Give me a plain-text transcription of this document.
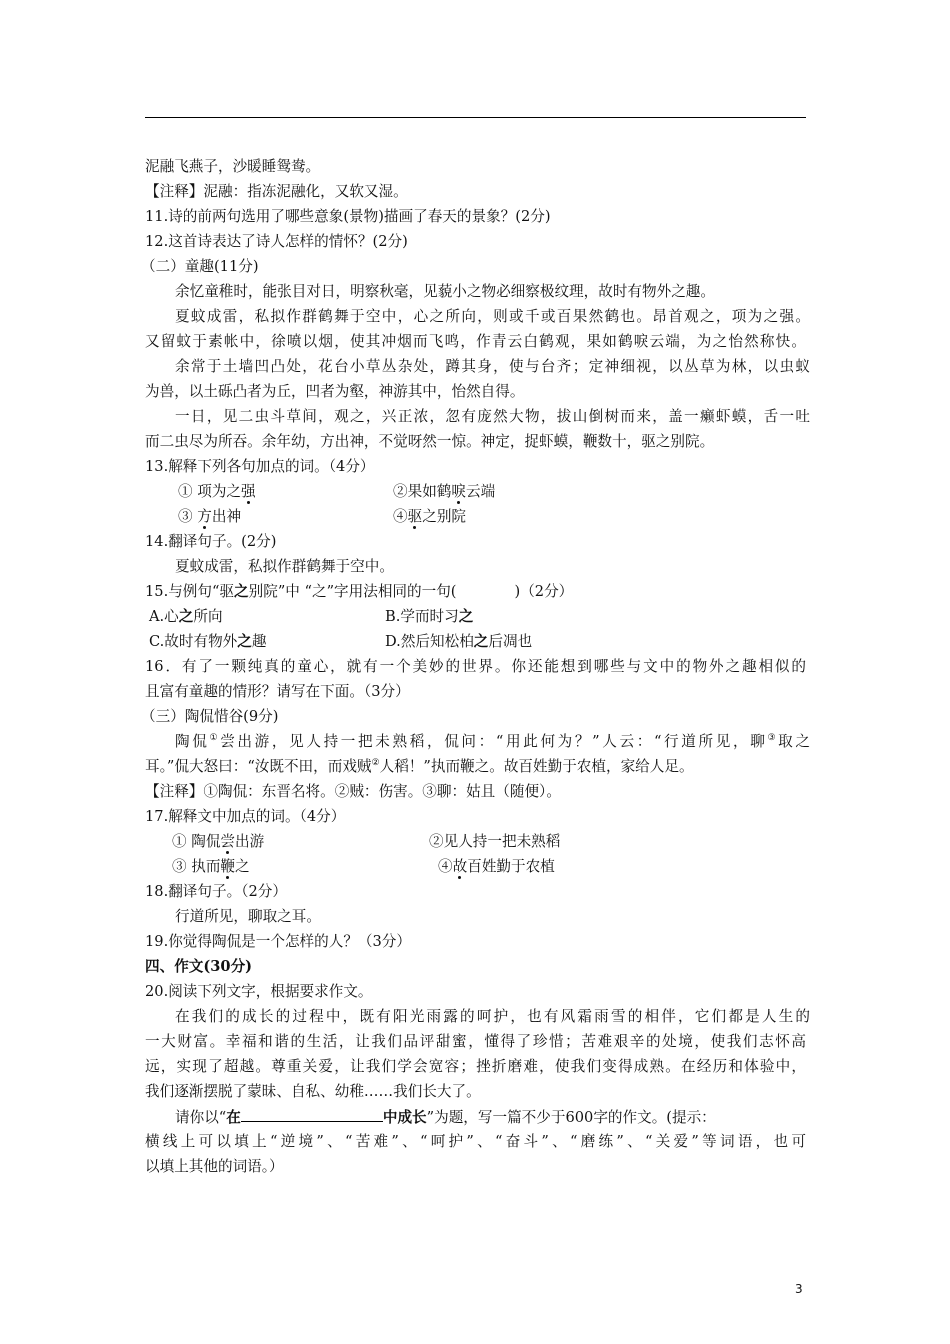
泥融飞燕子，沙暖睡鸳鸯。
【注释】泥融：指冻泥融化，又软又湿。
11.诗的前两句选用了哪些意象(景物)描画了春天的景象？(2分)
12.这首诗表达了诗人怎样的情怀？(2分)
（二）童趣(11分)
余忆童稚时，能张目对日，明察秋毫，见藐小之物必细察极纹理，故时有物外之趣。
夏蚊成雷，私拟作群鹤舞于空中，心之所向，则或千或百果然鹤也。昂首观之，项为之强。
又留蚊于素帐中，徐喷以烟，使其冲烟而飞鸣，作青云白鹤观，果如鹤唳云端，为之怡然称快。
余常于土墙凹凸处，花台小草丛杂处，蹲其身，使与台齐；定神细视，以丛草为林，以虫蚁
为兽，以土砾凸者为丘，凹者为壑，神游其中，怡然自得。
一日，见二虫斗草间，观之，兴正浓，忽有庞然大物，拔山倒树而来，盖一癞虾蟆，舌一吐
而二虫尽为所吞。余年幼，方出神，不觉呀然一惊。神定，捉虾蟆，鞭数十，驱之别院。
13.解释下列各句加点的词。（4分）
① 项为之强	②果如鹤唳云端
③ 方出神	④驱之别院
14.翻译句子。(2分)
夏蚊成雷，私拟作群鹤舞于空中。
15.与例句“驱之别院”中 “之”字用法相同的一句(	)（2分）
A.心之所向	B.学而时习之
C.故时有物外之趣	D.然后知松柏之后凋也
16．有了一颗纯真的童心，就有一个美妙的世界。你还能想到哪些与文中的物外之趣相似的
且富有童趣的情形？请写在下面。（3分）
（三）陶侃惜谷(9分)
陶侃①尝出游，见人持一把未熟稻，侃问：“用此何为？”人云：“行道所见，聊③取之
耳。”侃大怒曰：“汝既不田，而戏贼②人稻！”执而鞭之。故百姓勤于农植，家给人足。
【注释】①陶侃：东晋名将。②贼：伤害。③聊：姑且（随便）。
17.解释文中加点的词。（4分）
① 陶侃尝出游	②见人持一把未熟稻
③ 执而鞭之	④故百姓勤于农植
18.翻译句子。（2分）
行道所见，聊取之耳。
19.你觉得陶侃是一个怎样的人？（3分）
四、作文(30分)
20.阅读下列文字，根据要求作文。
在我们的成长的过程中，既有阳光雨露的呵护，也有风霜雨雪的相伴，它们都是人生的
一大财富。幸福和谐的生活，让我们品评甜蜜，懂得了珍惜；苦难艰辛的处境，使我们志怀高
远，实现了超越。尊重关爱，让我们学会宽容；挫折磨难，使我们变得成熟。在经历和体验中，
我们逐渐摆脱了蒙昧、自私、幼稚……我们长大了。
请你以“在	中成长”为题，写一篇不少于600字的作文。(提示：
横线上可以填上“逆境”、“苦难”、“呵护”、“奋斗”、“磨练”、“关爱”等词语，也可
以填上其他的词语。）
3
